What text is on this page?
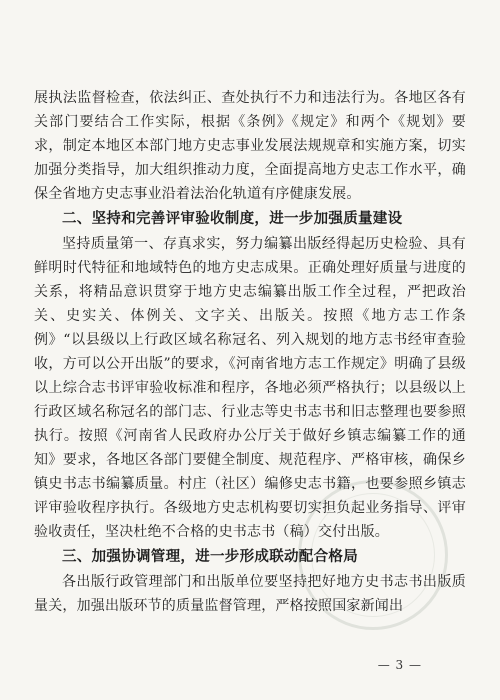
展执法监督检查，依法纠正、查处执行不力和违法行为。各地区各有关部门要结合工作实际，根据《条例》《规定》和两个《规划》要求，制定本地区本部门地方史志事业发展法规规章和实施方案，切实加强分类指导，加大组织推动力度，全面提高地方史志工作水平，确保全省地方史志事业沿着法治化轨道有序健康发展。

二、坚持和完善评审验收制度，进一步加强质量建设

坚持质量第一、存真求实，努力编纂出版经得起历史检验、具有鲜明时代特征和地域特色的地方史志成果。正确处理好质量与进度的关系，将精品意识贯穿于地方史志编纂出版工作全过程，严把政治关、史实关、体例关、文字关、出版关。按照《地方志工作条例》“以县级以上行政区域名称冠名、列入规划的地方志书经审查验收，方可以公开出版”的要求，《河南省地方志工作规定》明确了县级以上综合志书评审验收标准和程序，各地必须严格执行；以县级以上行政区域名称冠名的部门志、行业志等史书志书和旧志整理也要参照执行。按照《河南省人民政府办公厅关于做好乡镇志编纂工作的通知》要求，各地区各部门要健全制度、规范程序、严格审核，确保乡镇史书志书编纂质量。村庄（社区）编修史志书籍，也要参照乡镇志评审验收程序执行。各级地方史志机构要切实担负起业务指导、评审验收责任，坚决杜绝不合格的史书志书（稿）交付出版。

三、加强协调管理，进一步形成联动配合格局

各出版行政管理部门和出版单位要坚持把好地方史书志书出版质量关，加强出版环节的质量监督管理，严格按照国家新闻出

— 3 —
